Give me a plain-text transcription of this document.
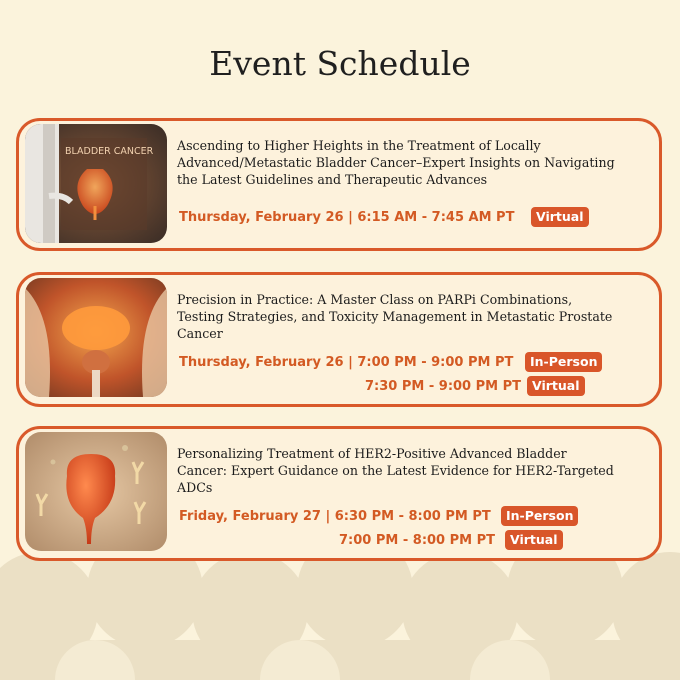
Event Schedule
BLADDER CANCER Ascending to Higher Heights in the Treatment of Locally Advanced/Metastatic Bladder Cancer–Expert Insights on Navigating the Latest Guidelines and Therapeutic Advances
Thursday, February 26 | 6:15 AM - 7:45 AM PT	Virtual
Precision in Practice: A Master Class on PARPi Combinations, Testing Strategies, and Toxicity Management in Metastatic Prostate Cancer
Thursday, February 26 | 7:00 PM - 9:00 PM PT	In-Person
7:30 PM - 9:00 PM PT Virtual
Personalizing Treatment of HER2-Positive Advanced Bladder Cancer: Expert Guidance on the Latest Evidence for HER2-Targeted ADCs
Friday, February 27 | 6:30 PM - 8:00 PM PT	In-Person
7:00 PM - 8:00 PM PT	Virtual
